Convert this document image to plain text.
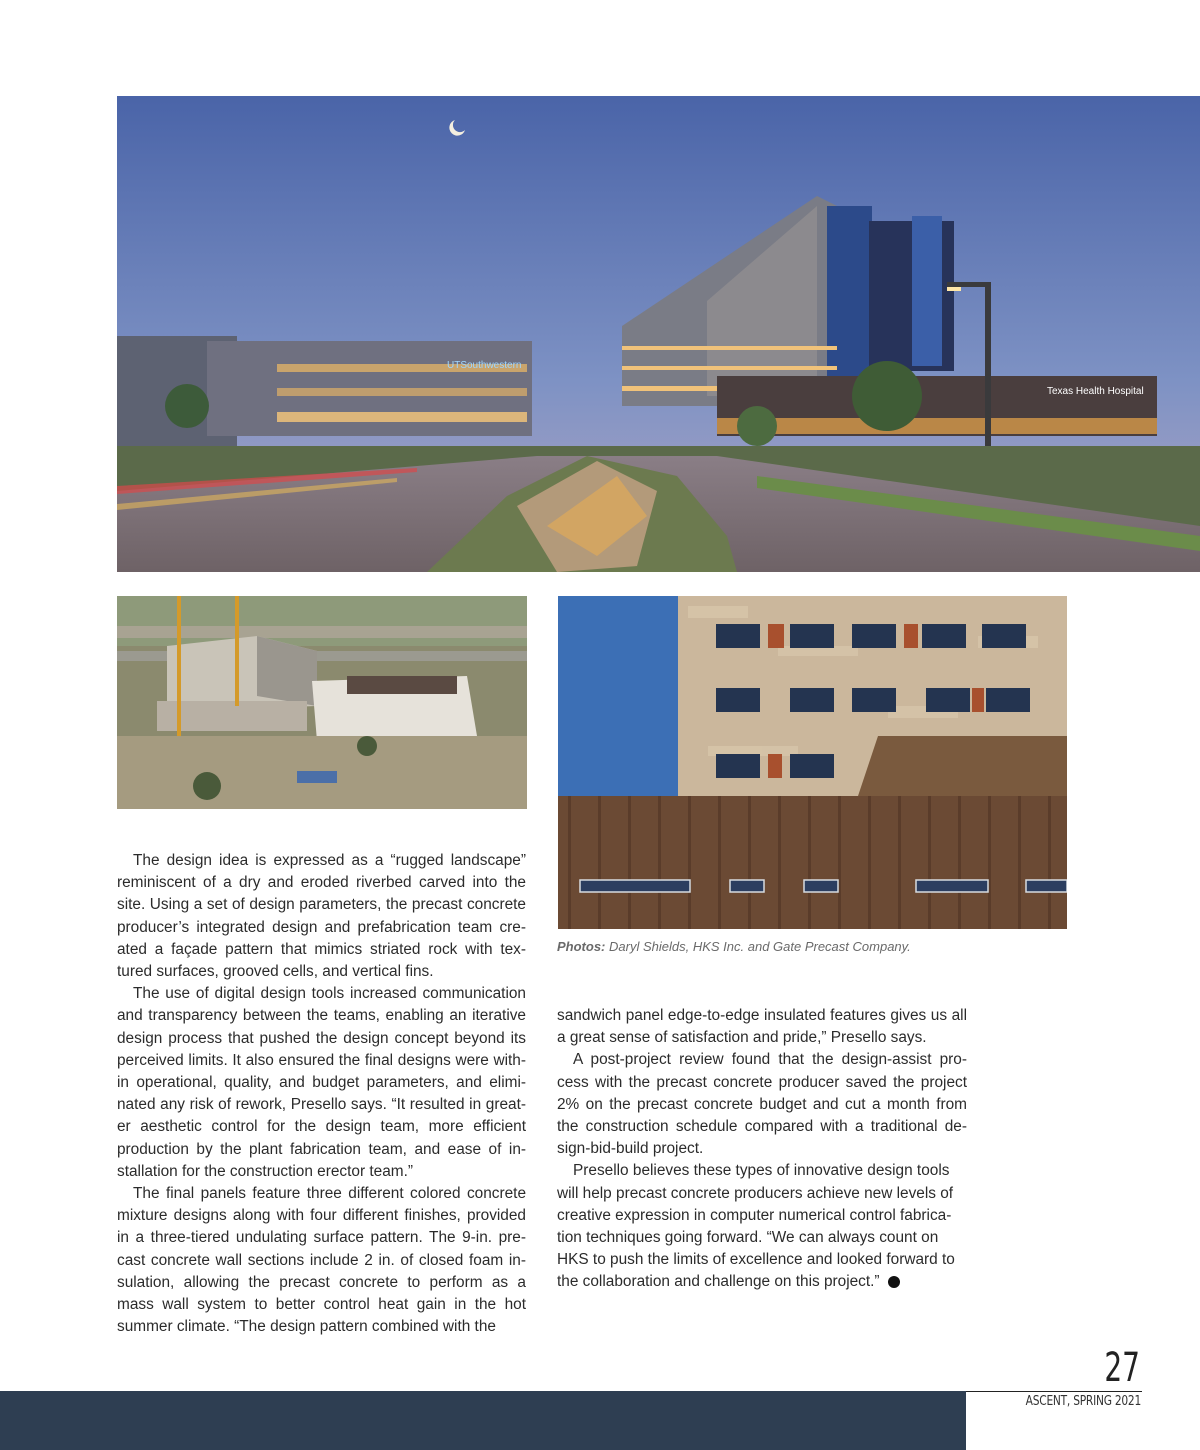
UTSouthwestern
Texas Health Hospital
Photos: Daryl Shields, HKS Inc. and Gate Precast Company.

The design idea is expressed as a “rugged landscape” reminiscent of a dry and eroded riverbed carved into the site. Using a set of design parameters, the precast concrete producer’s integrated design and prefabrication team cre-ated a façade pattern that mimics striated rock with tex-tured surfaces, grooved cells, and vertical fins.

The use of digital design tools increased communication and transparency between the teams, enabling an iterative design process that pushed the design concept beyond its perceived limits. It also ensured the final designs were with-in operational, quality, and budget parameters, and elimi-nated any risk of rework, Presello says. “It resulted in great-er aesthetic control for the design team, more efficient production by the plant fabrication team, and ease of in-stallation for the construction erector team.”

The final panels feature three different colored concrete mixture designs along with four different finishes, provided in a three-tiered undulating surface pattern. The 9-in. pre-cast concrete wall sections include 2 in. of closed foam in-sulation, allowing the precast concrete to perform as a mass wall system to better control heat gain in the hot summer climate. “The design pattern combined with the

sandwich panel edge-to-edge insulated features gives us all a great sense of satisfaction and pride,” Presello says.

A post-project review found that the design-assist pro-cess with the precast concrete producer saved the project 2% on the precast concrete budget and cut a month from the construction schedule compared with a traditional de-sign-bid-build project.

Presello believes these types of innovative design tools will help precast concrete producers achieve new levels of creative expression in computer numerical control fabrica-tion techniques going forward. “We can always count on HKS to push the limits of excellence and looked forward to the collaboration and challenge on this project.”

27
ASCENT, SPRING 2021
